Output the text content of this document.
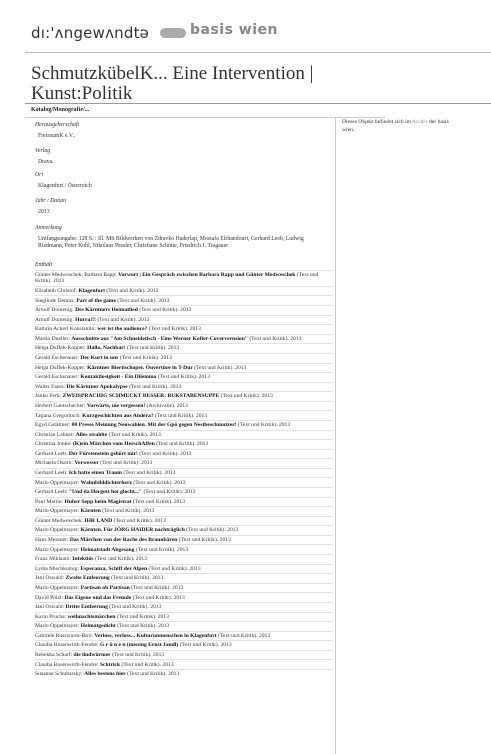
dı:'ʌngewʌndtə	basis wien
SchmutzkübelK... Eine Intervention | Kunst:Politik
Katalog/Monografie/...
Dieses Objekt befindet sich im Archiv der basis wien.
Herausgeberschaft
FreiraumK e.V..
Verlag
Drava.
Ort
Klagenfurt / Österreich
Jahr / Datum
2013
Anmerkung
Umfangsangabe: 128 S. : Ill. Mit Bildwerken von Zdravko Haderlap, Mostafa Elrhandouri, Gerhard Leeb, Ludwig Riedmann, Peter Kohl, Nikolaus Pessler, Christiane Schütte, Friedrich J. Tragauer
Enthält
Günter Medweschek, Barbara Rapp: Vorwort | Ein Gespräch zwischen Barbara Rapp und Günter Medweschek (Text und Kritik). 2013
Elisabeth Christof: Klagenfurt (Text und Kritik). 2013
Sieglinde Demus: Part of the game (Text und Kritik). 2013
Arnulf Domenig: Des Kärntners Heimatlied (Text und Kritik). 2013
Arnulf Domenig: Hurra!!! (Text und Kritik). 2013
Kathrin Ackerl Konstantin: wer ist the audience? (Text und Kritik). 2013
Martin Dueller: Ausschnitte aus "Am Schneidetisch - Eine Werner Kofler-Coververnsion" (Text und Kritik). 2013
Helga Duffek-Kopper: Hallo, Nachbar! (Text und Kritik). 2013
Gerald Eschenauer: Der Kurt in uns (Text und Kritik). 2013
Helga Duffek-Kopper: Kärntner Biertischoper. Ouvertüre in T-Dur (Text und Kritik). 2013
Gerald Eschenauer: Kontaktlosigkeit - Ein Dilemma (Text und Kritik). 2013
Walter Fanta: Die Kärntner Apokalypse (Text und Kritik). 2013
Janko Ferk: ZWEISPRACHIG SCHMECKT BESSER: BUKSTABENSUPPE (Text und Kritik). 2013
Herbert Gantschacher: Vorwärts, nie vergessen! (Archivalie). 2013
Tatjana Gregoritsch: Kurzgeschichten aus Andera? (Text und Kritik). 2013
Egyd Gstättner: 00 Presse Meinung Neuwahlen. Mit der Gpö gegen Nestbeschmutzer! (Text und Kritik). 2013
Christian Lehner: Alles strahlte (Text und Kritik). 2013
Christina Jonke: (K)ein Märchen vom HerschAffen (Text und Kritik). 2013
Gerhard Leeb: Der Fürstenstein gehört mir! (Text und Kritik). 2013
Michaela Okorn: Verwesser (Text und Kritik). 2013
Gerhard Leeb: Ich hatte einen Traum (Text und Kritik). 2013
Mario Oppelmayer: Wahnbilddichterherz (Text und Kritik). 2013
Gerhard Leeb: "Und da Hergott hot glocht..." (Text und Kritik). 2013
Paul Martin: Huber Sepp beim Magistrat (Text und Kritik). 2013
Mario Oppelmayer: Kärnten (Text und Kritik). 2013
Günter Medweschek: IHR LAND (Text und Kritik). 2013
Mario Oppelmayer: Kärnten. Für JÖRG HAIDER nachträglich (Text und Kritik). 2013
Hans Messner: Das Märchen von der Rache des Braunbären (Text und Kritik). 2013
Mario Oppelmayer: Heimatstadt Abgesang (Text und Kritik). 2013
Franz Miklautz: Infektiös (Text und Kritik). 2013
Lydia Mischkulnig: Esperanza, Schiff der Alpen (Text und Kritik). 2013
Jani Oswald: Zweite Entleerung (Text und Kritik). 2013
Mario Oppelmayer: Partisan oh Partisan (Text und Kritik). 2013
David Pölzl: Das Eigene und das Fremde (Text und Kritik). 2013
Jani Oswald: Dritte Entleerung (Text und Kritik). 2013
Karin Prucha: weihnachtsmärchen (Text und Kritik). 2013
Mario Oppelmayer: Heimatgedicht (Text und Kritik). 2013
Gabriele Russwurm-Biró: Verloss, verloss... Kulturunmenschen in Klagenfurt (Text und Kritik). 2013
Claudia Rosenwirth-Fendre: G r ü n e n (missing Ernst Jandl) (Text und Kritik). 2013
Rebekka Scharf: die lindwürmer (Text und Kritik). 2013
Claudia Rosenwirth-Fendre: Schtrick (Text und Kritik). 2013
Susanne Schubarsky: Alles bestens hier (Text und Kritik). 2013
